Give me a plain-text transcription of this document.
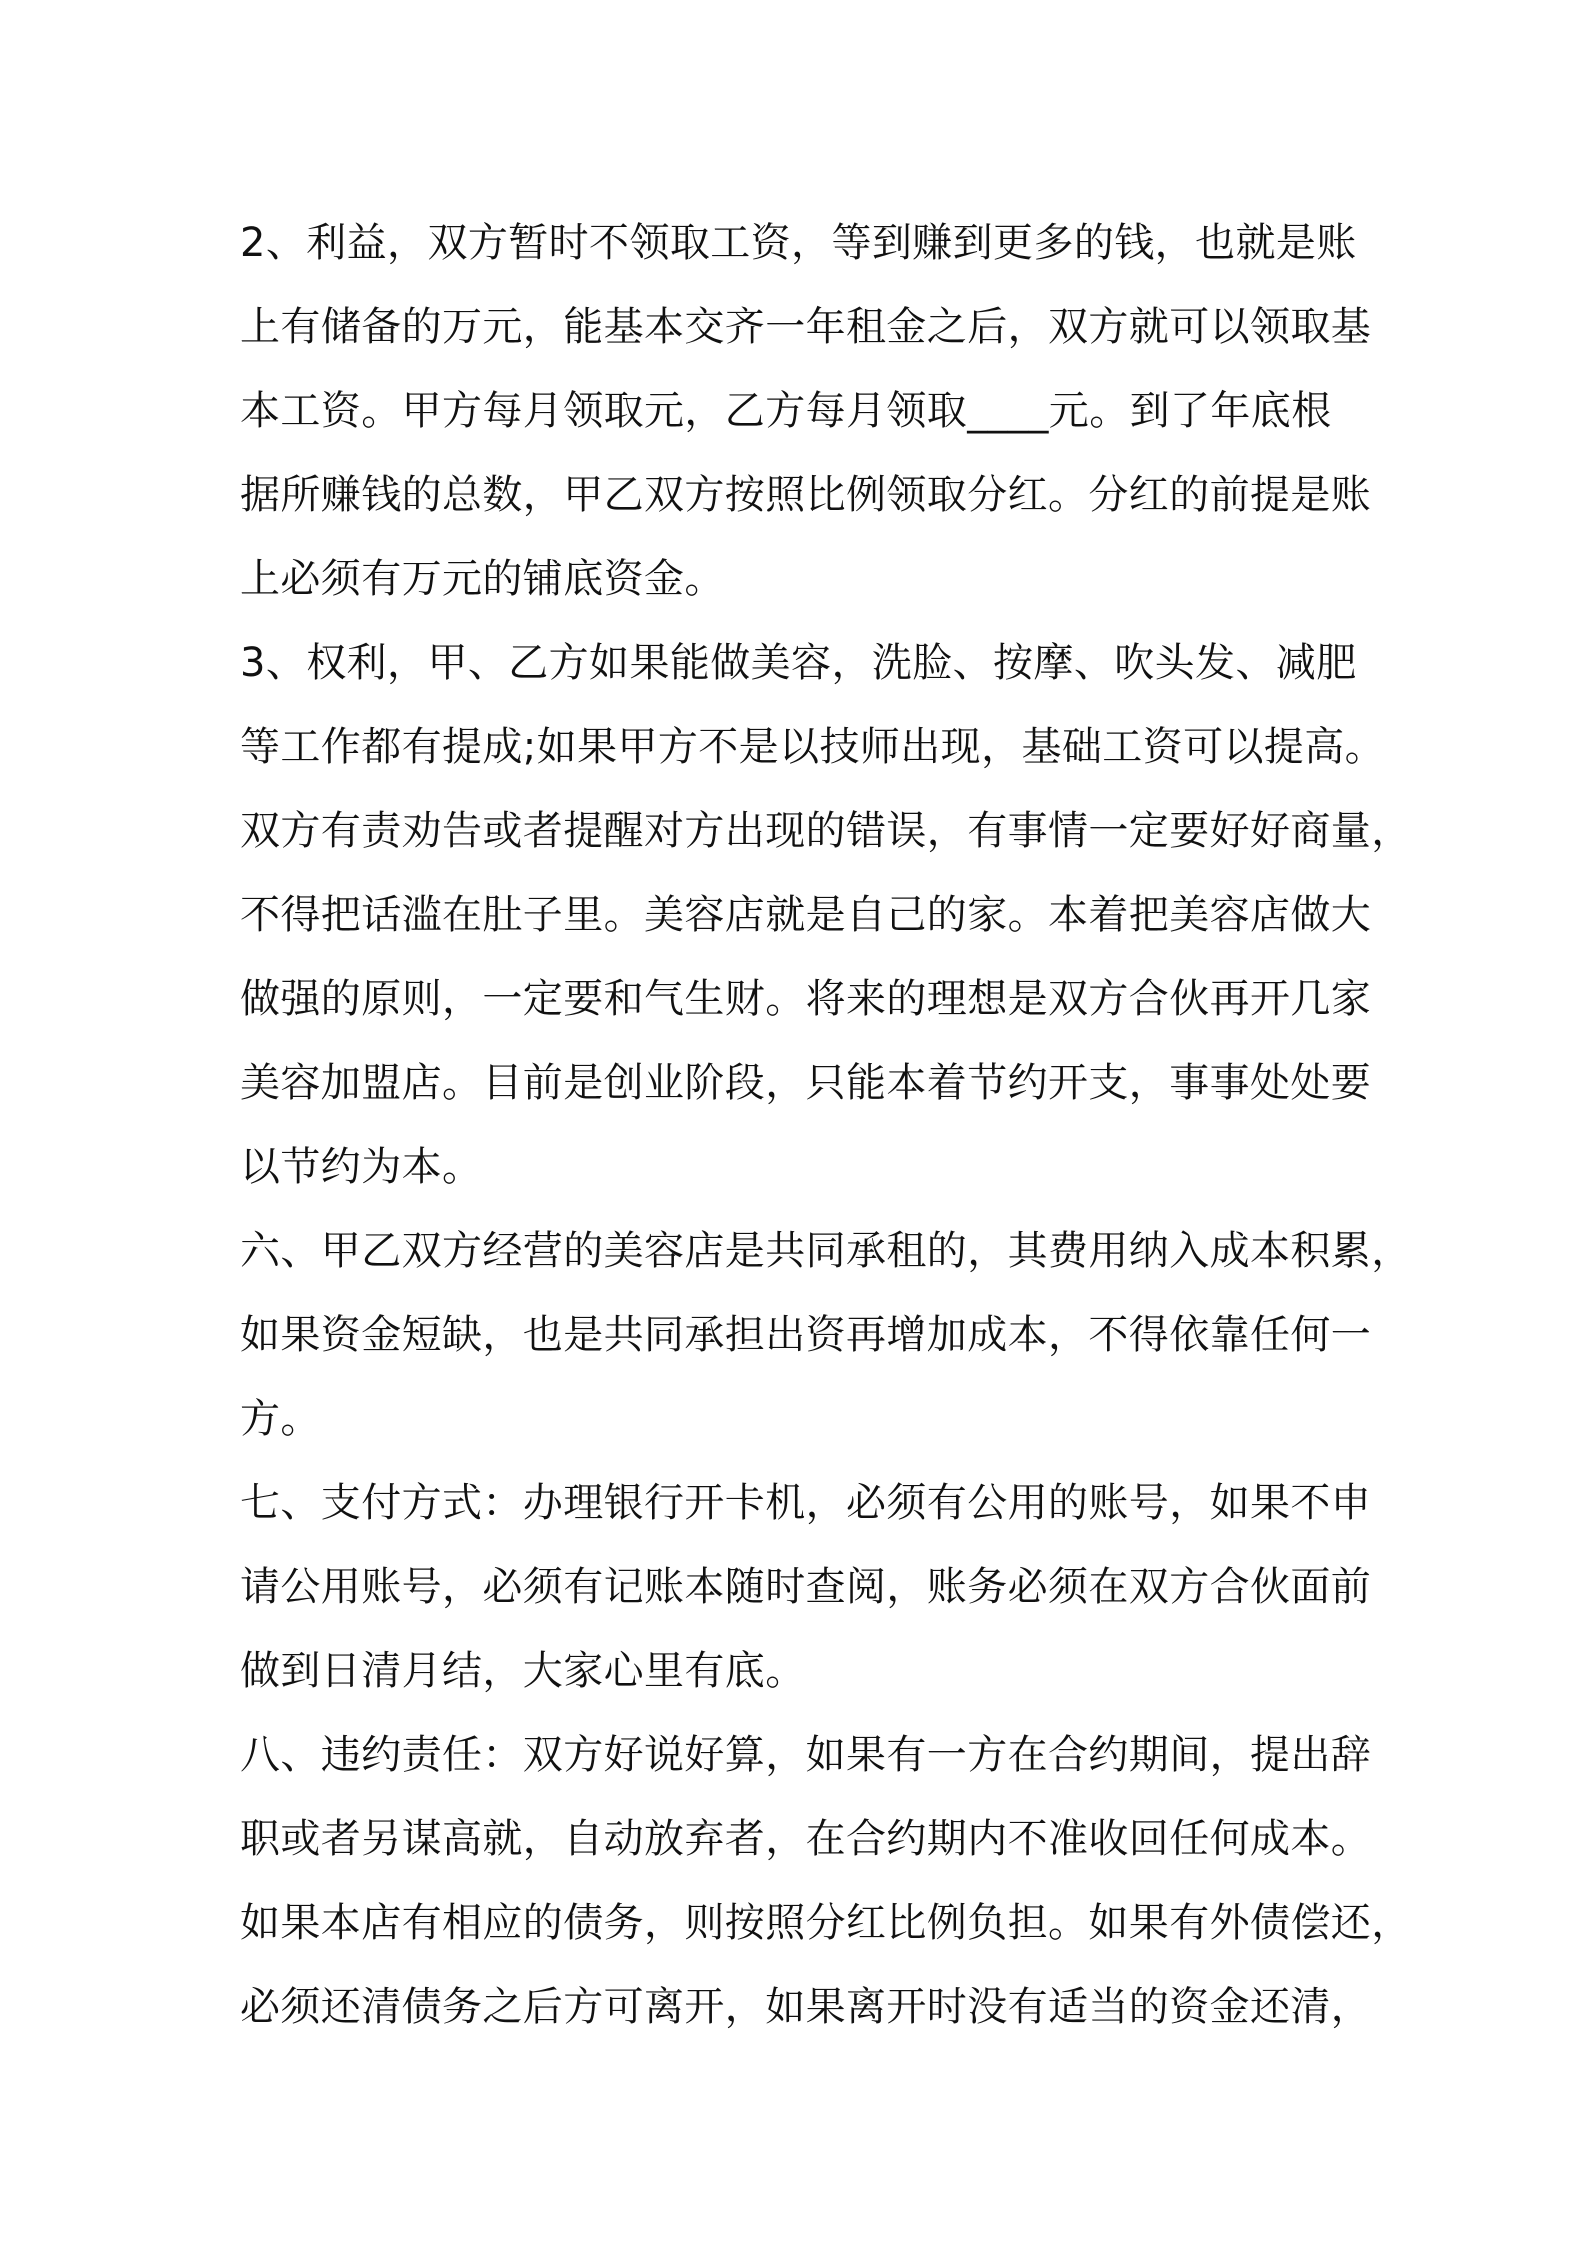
2、利益，双方暂时不领取工资，等到赚到更多的钱，也就是账
上有储备的万元，能基本交齐一年租金之后，双方就可以领取基
本工资。甲方每月领取元，乙方每月领取____元。到了年底根
据所赚钱的总数，甲乙双方按照比例领取分红。分红的前提是账
上必须有万元的铺底资金。
3、权利，甲、乙方如果能做美容，洗脸、按摩、吹头发、减肥
等工作都有提成;如果甲方不是以技师出现，基础工资可以提高。
双方有责劝告或者提醒对方出现的错误，有事情一定要好好商量，
不得把话滥在肚子里。美容店就是自己的家。本着把美容店做大
做强的原则，一定要和气生财。将来的理想是双方合伙再开几家
美容加盟店。目前是创业阶段，只能本着节约开支，事事处处要
以节约为本。
六、甲乙双方经营的美容店是共同承租的，其费用纳入成本积累，
如果资金短缺，也是共同承担出资再增加成本，不得依靠任何一
方。
七、支付方式：办理银行开卡机，必须有公用的账号，如果不申
请公用账号，必须有记账本随时查阅，账务必须在双方合伙面前
做到日清月结，大家心里有底。
八、违约责任：双方好说好算，如果有一方在合约期间，提出辞
职或者另谋高就，自动放弃者，在合约期内不准收回任何成本。
如果本店有相应的债务，则按照分红比例负担。如果有外债偿还，
必须还清债务之后方可离开，如果离开时没有适当的资金还清，
